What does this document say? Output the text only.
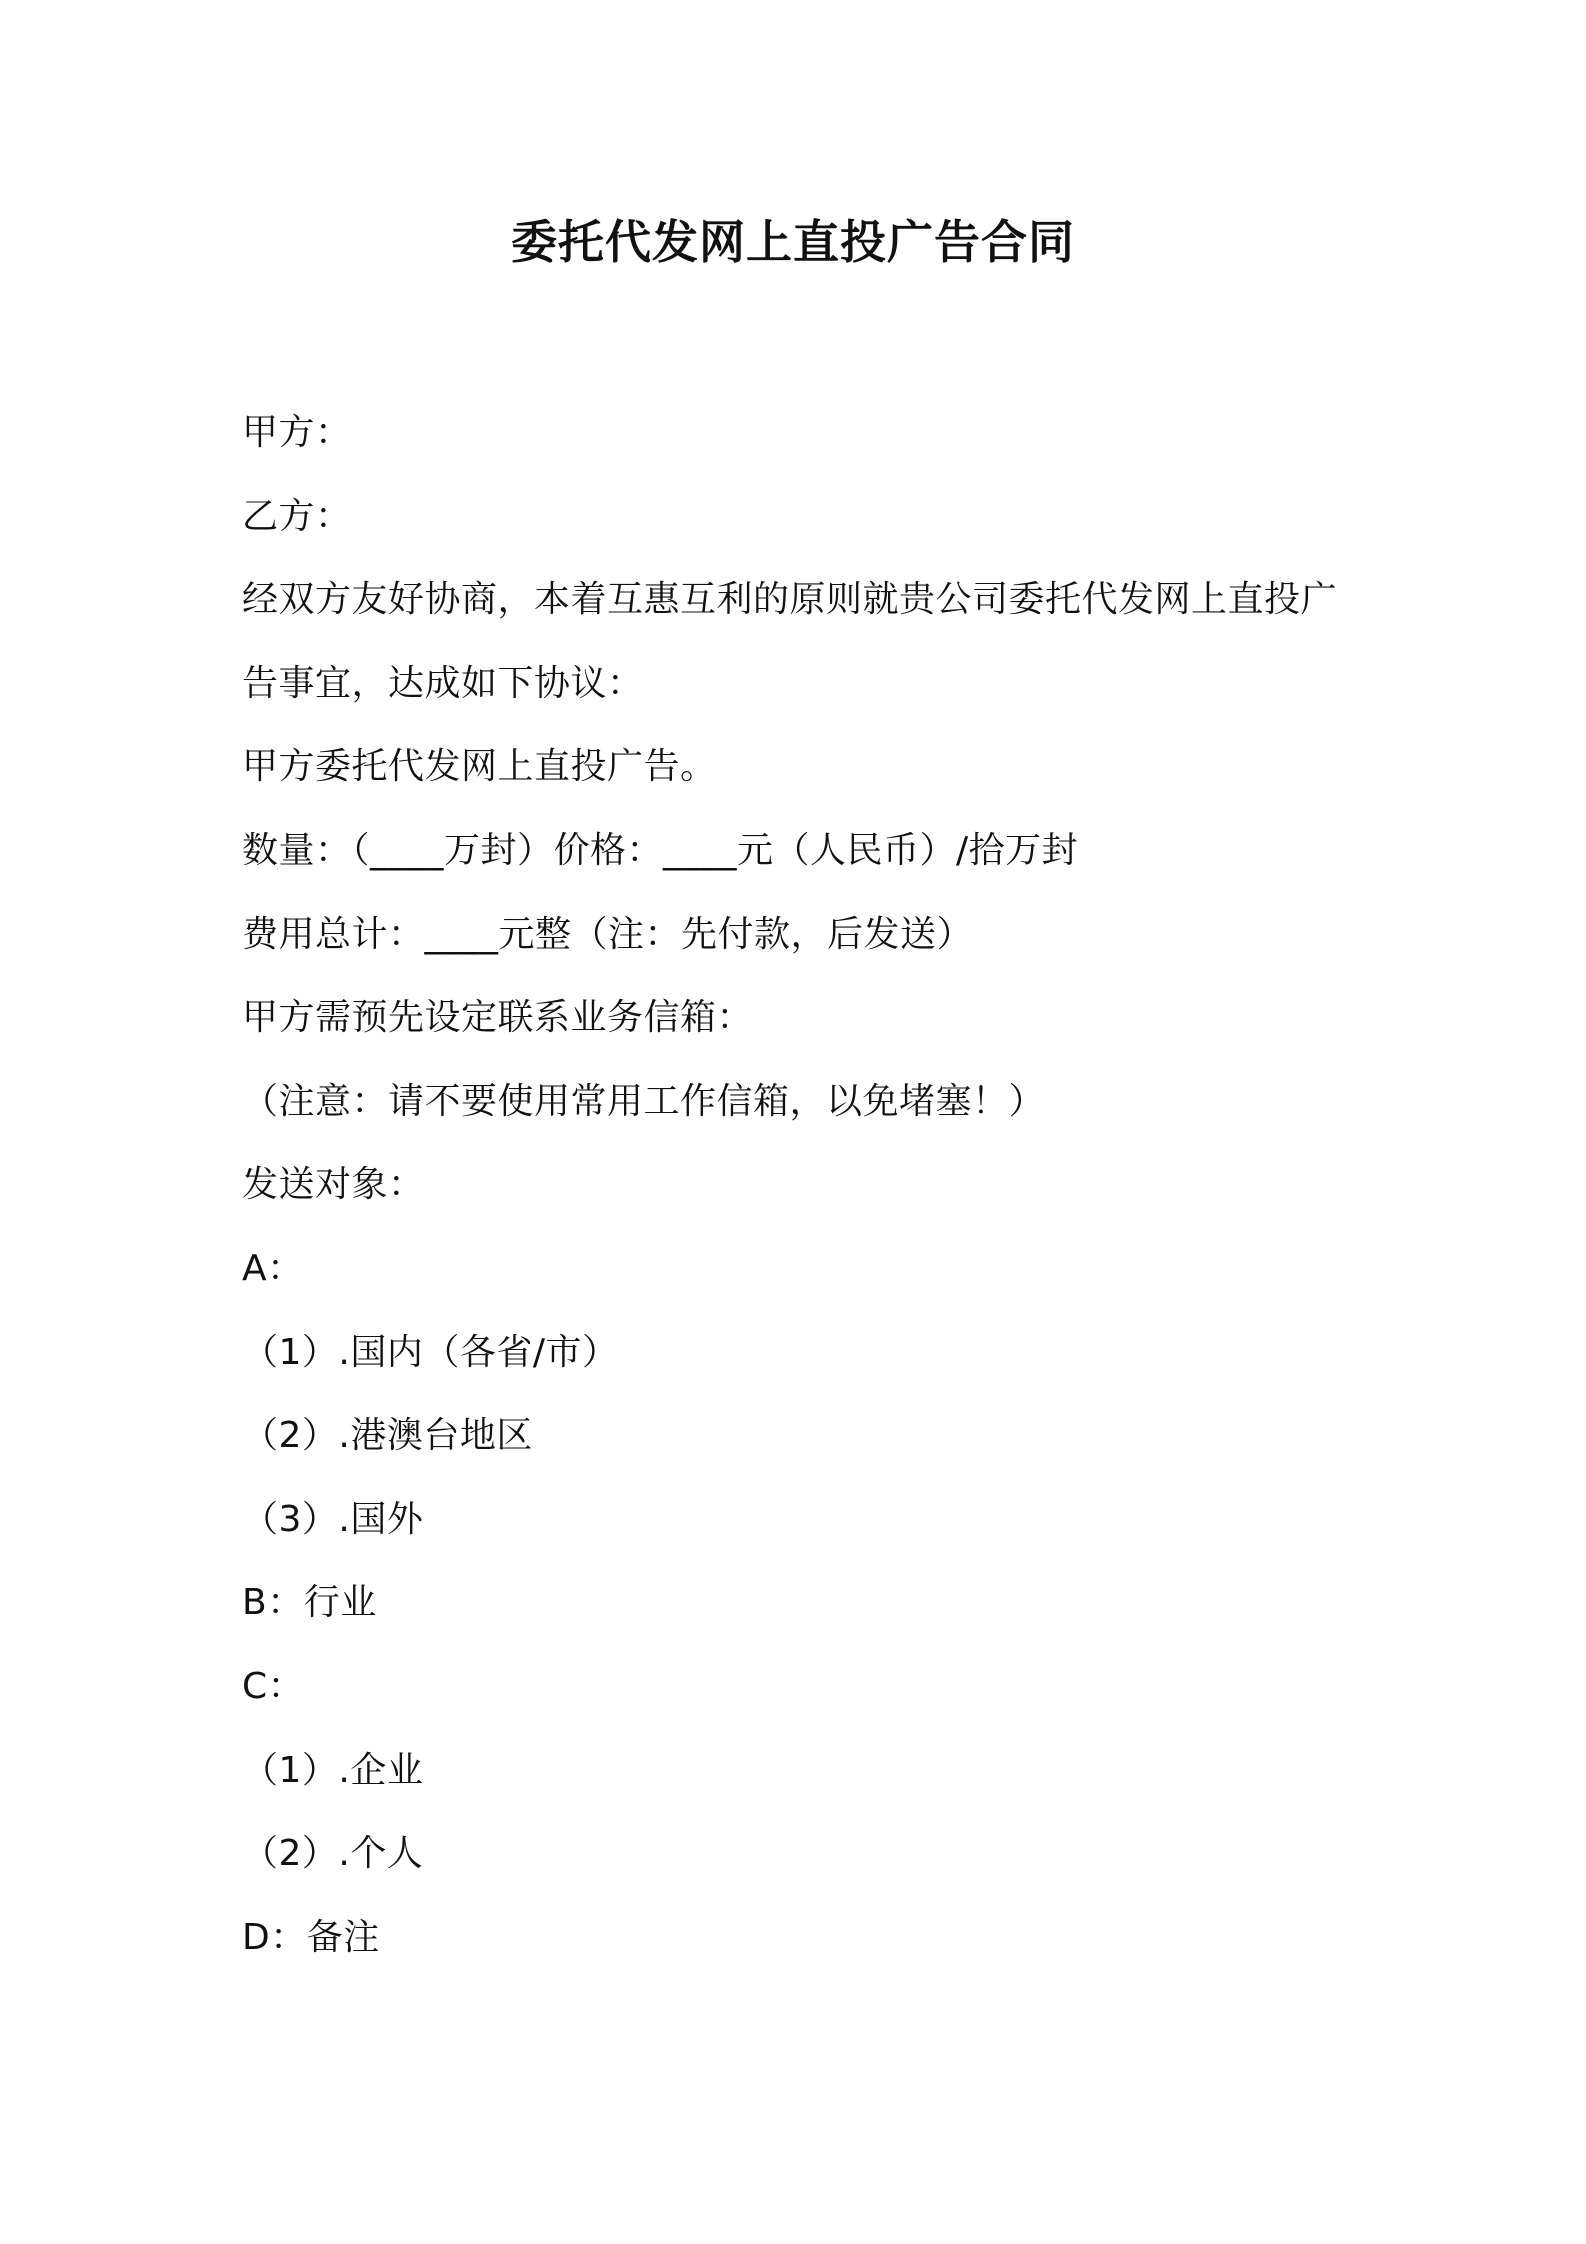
委托代发网上直投广告合同
甲方：
乙方：
经双方友好协商，本着互惠互利的原则就贵公司委托代发网上直投广
告事宜，达成如下协议：
甲方委托代发网上直投广告。
数量：（____万封）价格：____元（人民币）/拾万封
费用总计：____元整（注：先付款，后发送）
甲方需预先设定联系业务信箱：
（注意：请不要使用常用工作信箱，以免堵塞！）
发送对象：
A：
（1）.国内（各省/市）
（2）.港澳台地区
（3）.国外
B：行业
C：
（1）.企业
（2）.个人
D：备注
